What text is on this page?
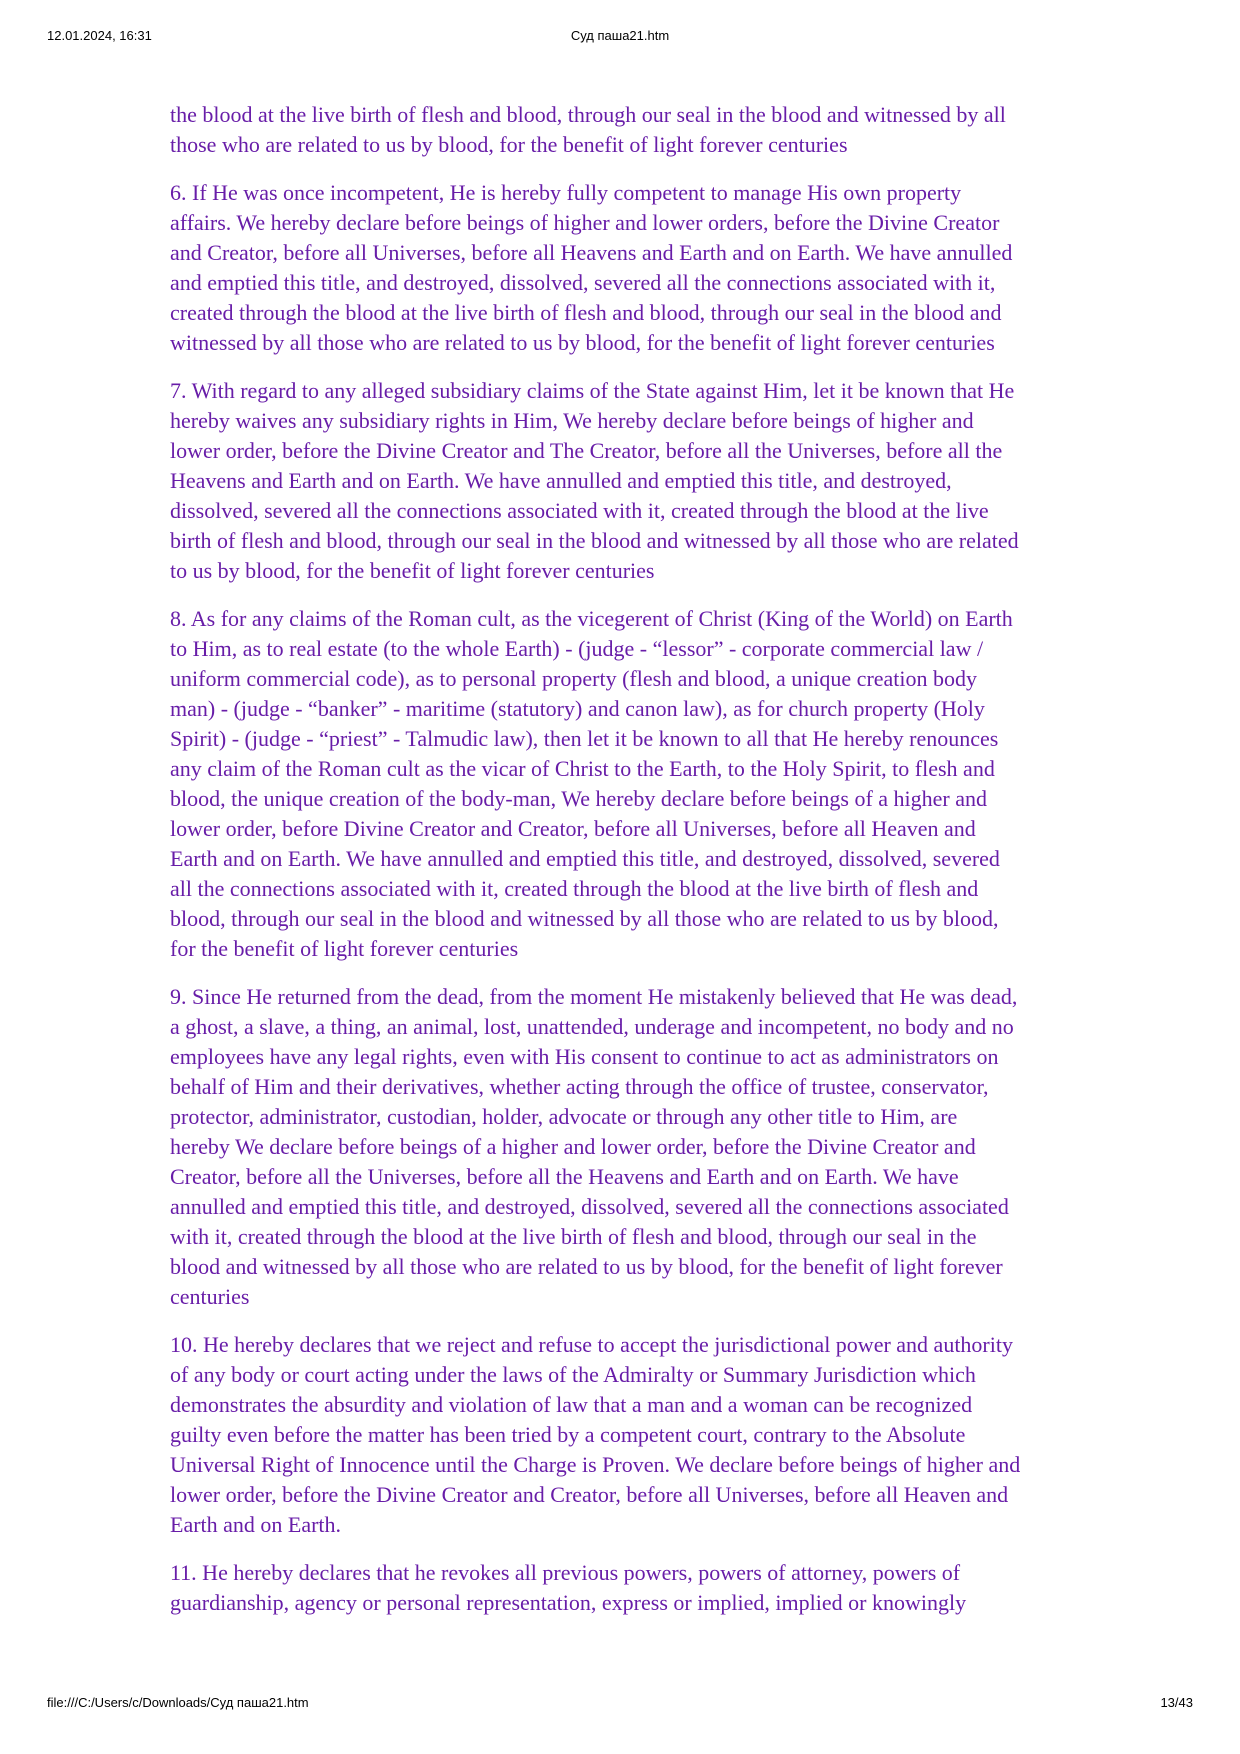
12.01.2024, 16:31	Суд паша21.htm

the blood at the live birth of flesh and blood, through our seal in the blood and witnessed by all those who are related to us by blood, for the benefit of light forever centuries

6. If He was once incompetent, He is hereby fully competent to manage His own property affairs. We hereby declare before beings of higher and lower orders, before the Divine Creator and Creator, before all Universes, before all Heavens and Earth and on Earth. We have annulled and emptied this title, and destroyed, dissolved, severed all the connections associated with it, created through the blood at the live birth of flesh and blood, through our seal in the blood and witnessed by all those who are related to us by blood, for the benefit of light forever centuries

7. With regard to any alleged subsidiary claims of the State against Him, let it be known that He hereby waives any subsidiary rights in Him, We hereby declare before beings of higher and lower order, before the Divine Creator and The Creator, before all the Universes, before all the Heavens and Earth and on Earth. We have annulled and emptied this title, and destroyed, dissolved, severed all the connections associated with it, created through the blood at the live birth of flesh and blood, through our seal in the blood and witnessed by all those who are related to us by blood, for the benefit of light forever centuries

8. As for any claims of the Roman cult, as the vicegerent of Christ (King of the World) on Earth to Him, as to real estate (to the whole Earth) - (judge - “lessor” - corporate commercial law / uniform commercial code), as to personal property (flesh and blood, a unique creation body man) - (judge - “banker” - maritime (statutory) and canon law), as for church property (Holy Spirit) - (judge - “priest” - Talmudic law), then let it be known to all that He hereby renounces any claim of the Roman cult as the vicar of Christ to the Earth, to the Holy Spirit, to flesh and blood, the unique creation of the body-man, We hereby declare before beings of a higher and lower order, before Divine Creator and Creator, before all Universes, before all Heaven and Earth and on Earth. We have annulled and emptied this title, and destroyed, dissolved, severed all the connections associated with it, created through the blood at the live birth of flesh and blood, through our seal in the blood and witnessed by all those who are related to us by blood, for the benefit of light forever centuries

9. Since He returned from the dead, from the moment He mistakenly believed that He was dead, a ghost, a slave, a thing, an animal, lost, unattended, underage and incompetent, no body and no employees have any legal rights, even with His consent to continue to act as administrators on behalf of Him and their derivatives, whether acting through the office of trustee, conservator, protector, administrator, custodian, holder, advocate or through any other title to Him, are hereby We declare before beings of a higher and lower order, before the Divine Creator and Creator, before all the Universes, before all the Heavens and Earth and on Earth. We have annulled and emptied this title, and destroyed, dissolved, severed all the connections associated with it, created through the blood at the live birth of flesh and blood, through our seal in the blood and witnessed by all those who are related to us by blood, for the benefit of light forever centuries

10. He hereby declares that we reject and refuse to accept the jurisdictional power and authority of any body or court acting under the laws of the Admiralty or Summary Jurisdiction which demonstrates the absurdity and violation of law that a man and a woman can be recognized guilty even before the matter has been tried by a competent court, contrary to the Absolute Universal Right of Innocence until the Charge is Proven. We declare before beings of higher and lower order, before the Divine Creator and Creator, before all Universes, before all Heaven and Earth and on Earth.

11. He hereby declares that he revokes all previous powers, powers of attorney, powers of guardianship, agency or personal representation, express or implied, implied or knowingly

file:///C:/Users/c/Downloads/Суд паша21.htm	13/43
